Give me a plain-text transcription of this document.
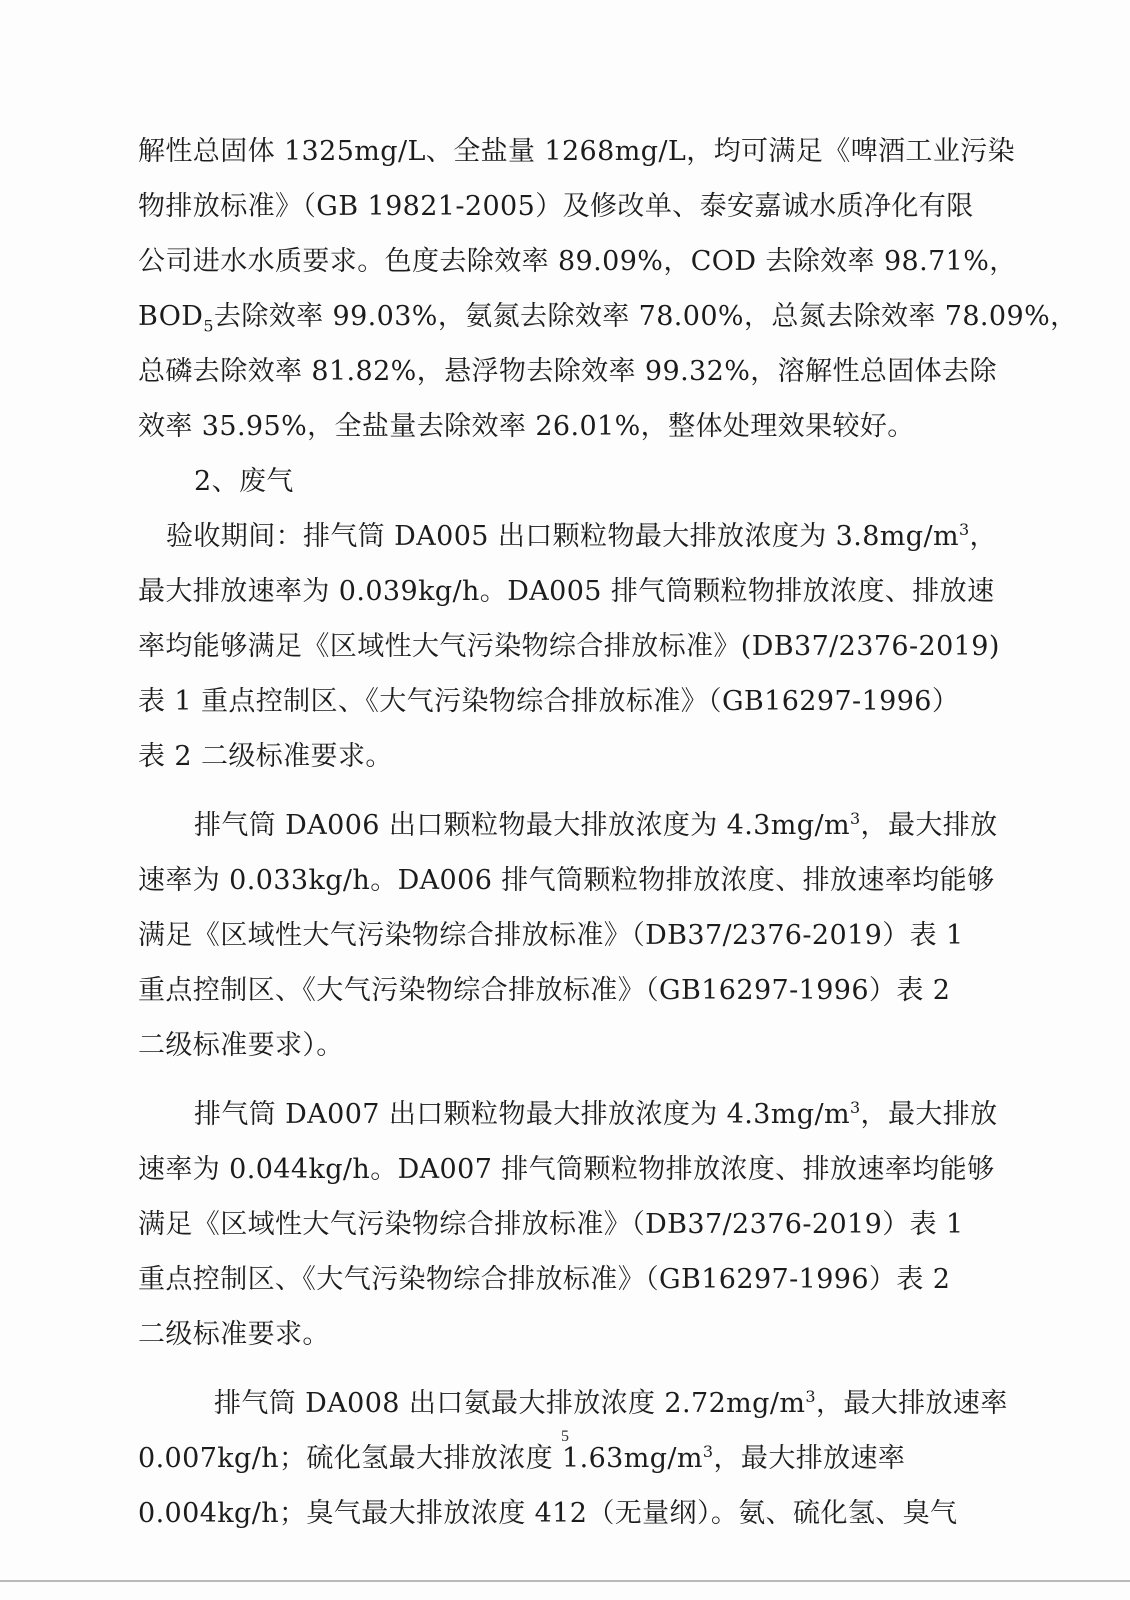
解性总固体 1325mg/L、全盐量 1268mg/L，均可满足《啤酒工业污染
物排放标准》（GB 19821-2005）及修改单、泰安嘉诚水质净化有限
公司进水水质要求。色度去除效率 89.09%，COD 去除效率 98.71%，
$BOD_5$去除效率 99.03%，氨氮去除效率 78.00%，总氮去除效率 78.09%，
总磷去除效率 81.82%，悬浮物去除效率 99.32%，溶解性总固体去除
效率 35.95%，全盐量去除效率 26.01%，整体处理效果较好。
2、废气
验收期间：排气筒 DA005 出口颗粒物最大排放浓度为 $3.8mg/m^3$，
最大排放速率为 0.039kg/h。DA005 排气筒颗粒物排放浓度、排放速
率均能够满足《区域性大气污染物综合排放标准》(DB37/2376-2019)
表 1 重点控制区、《大气污染物综合排放标准》（GB16297-1996）
表 2 二级标准要求。
排气筒 DA006 出口颗粒物最大排放浓度为 $4.3mg/m^3$，最大排放
速率为 0.033kg/h。DA006 排气筒颗粒物排放浓度、排放速率均能够
满足《区域性大气污染物综合排放标准》（DB37/2376-2019）表 1
重点控制区、《大气污染物综合排放标准》（GB16297-1996）表 2
二级标准要求）。
排气筒 DA007 出口颗粒物最大排放浓度为 $4.3mg/m^3$，最大排放
速率为 0.044kg/h。DA007 排气筒颗粒物排放浓度、排放速率均能够
满足《区域性大气污染物综合排放标准》（DB37/2376-2019）表 1
重点控制区、《大气污染物综合排放标准》（GB16297-1996）表 2
二级标准要求。
排气筒 DA008 出口氨最大排放浓度 $2.72mg/m^3$，最大排放速率
0.007kg/h；硫化氢最大排放浓度 $1.63mg/m^3$，最大排放速率
0.004kg/h；臭气最大排放浓度 412（无量纲）。氨、硫化氢、臭气
5
